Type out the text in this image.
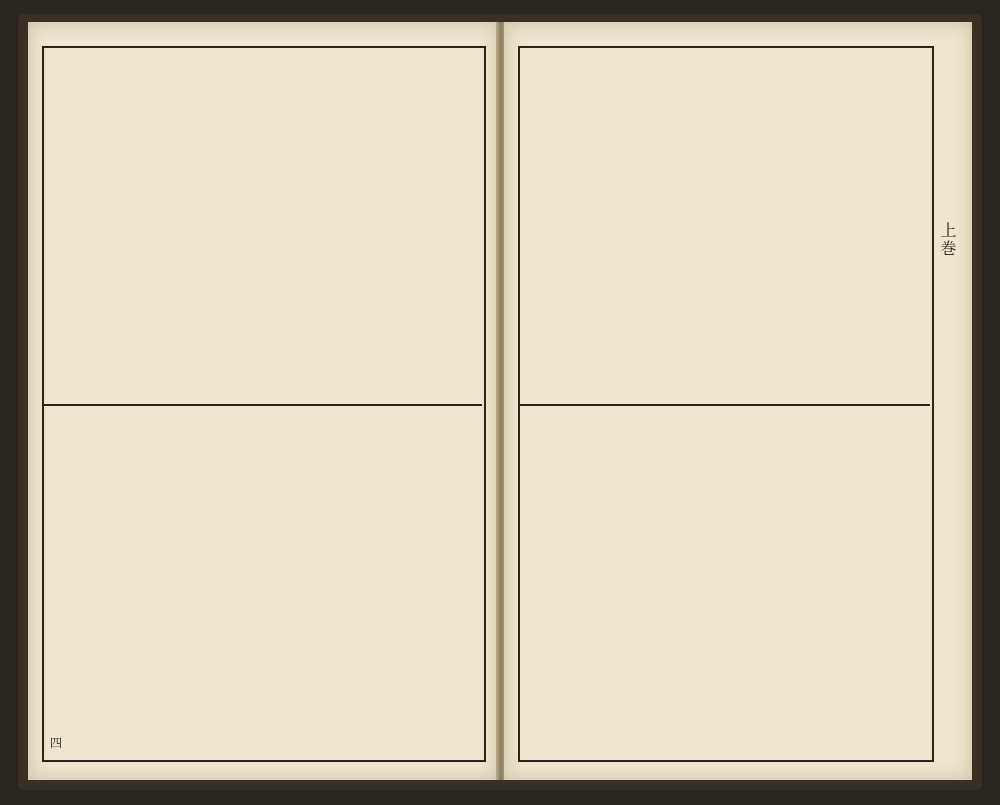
四
上巻
